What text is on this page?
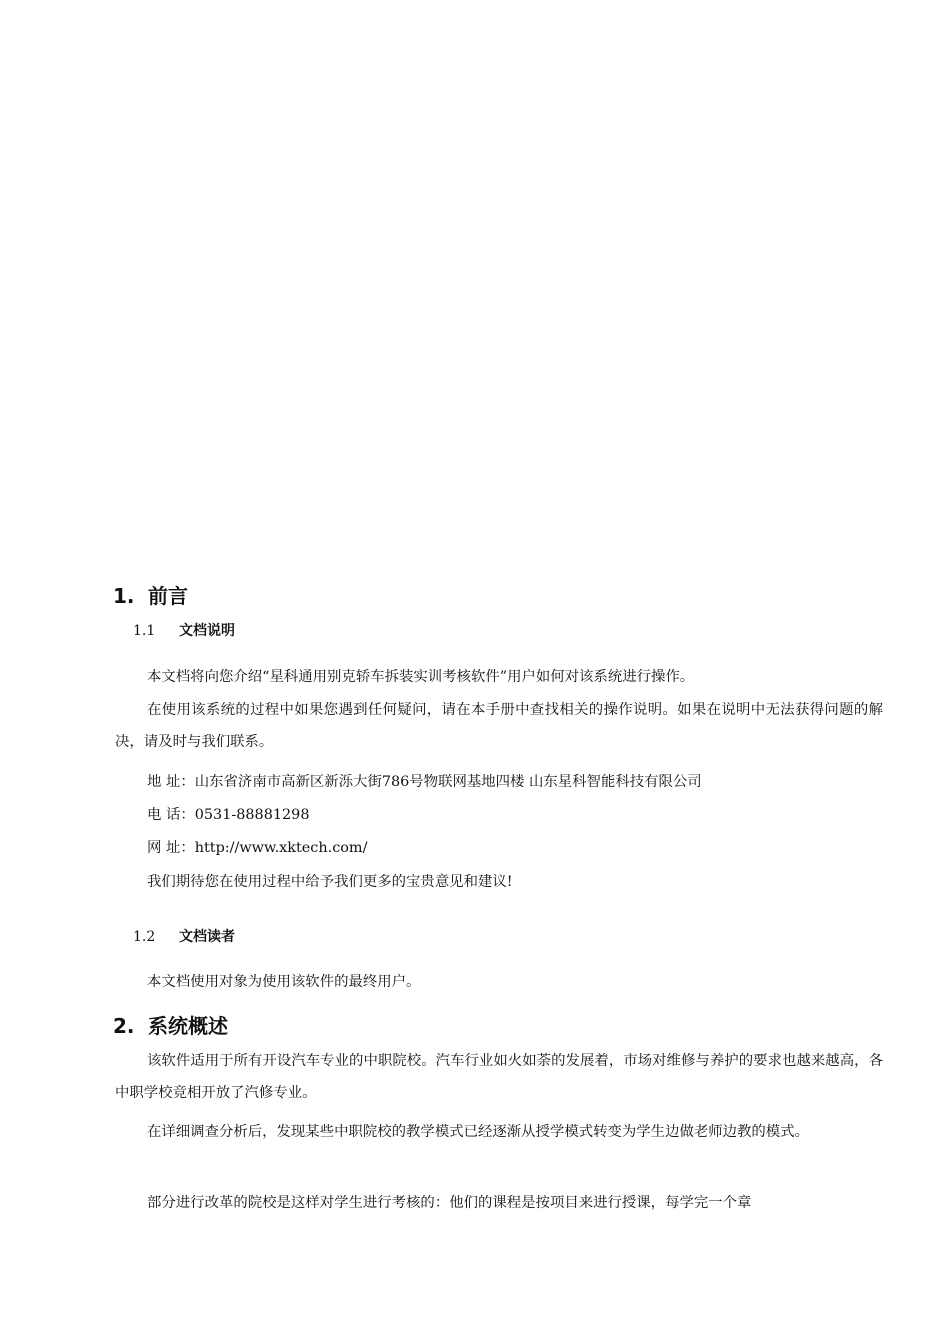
1. 前言
1.1 文档说明
本文档将向您介绍“星科通用别克轿车拆装实训考核软件”用户如何对该系统进行操作。
在使用该系统的过程中如果您遇到任何疑问，请在本手册中查找相关的操作说明。如果在说明中无法获得问题的解决，请及时与我们联系。
地 址：山东省济南市高新区新泺大街786号物联网基地四楼 山东星科智能科技有限公司
电 话：0531-88881298
网 址：http://www.xktech.com/
我们期待您在使用过程中给予我们更多的宝贵意见和建议!
1.2 文档读者
本文档使用对象为使用该软件的最终用户。
2. 系统概述
该软件适用于所有开设汽车专业的中职院校。汽车行业如火如荼的发展着，市场对维修与养护的要求也越来越高，各中职学校竞相开放了汽修专业。
在详细调查分析后，发现某些中职院校的教学模式已经逐渐从授学模式转变为学生边做老师边教的模式。
部分进行改革的院校是这样对学生进行考核的：他们的课程是按项目来进行授课，每学完一个章
